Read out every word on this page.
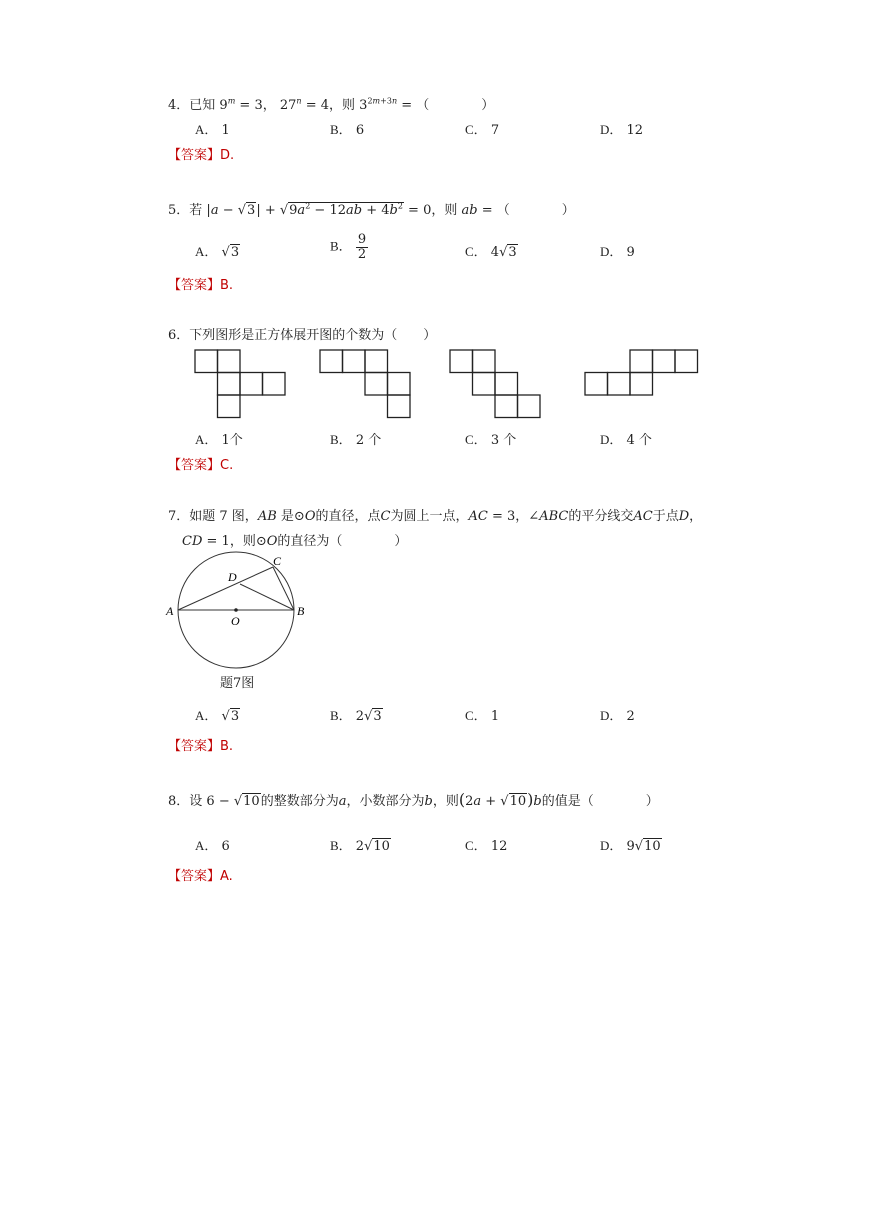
4．已知 $9^m = 3$， $27^n = 4$，则 $3^{2m+3n}$ = （　　　　）
A． 1	B． 6	C． 7	D． 12
【答案】D.
5．若 $|a - √3| + √9a^2 - 12ab + 4b^2 = 0$，则 ab = （　　　　）
A． √3	B． $\frac{9}{2}$	C． 4√3	D． 9
【答案】B.
6．下列图形是正方体展开图的个数为（　　）
A． 1个	B． 2 个	C． 3 个	D． 4 个
【答案】C.
7．如题 7 图，AB 是⊙O的直径，点C为圆上一点，AC = 3，∠ABC的平分线交AC于点D，
CD = 1，则⊙O的直径为（　　　　）
A	B
C
D
O
题7图
A． √3	B． 2√3	C． 1	D． 2
【答案】B.
8．设 6 − √10的整数部分为a，小数部分为b，则(2a + √10)b的值是（　　　　）
A． 6	B． 2√10	C． 12	D． 9√10
【答案】A.
